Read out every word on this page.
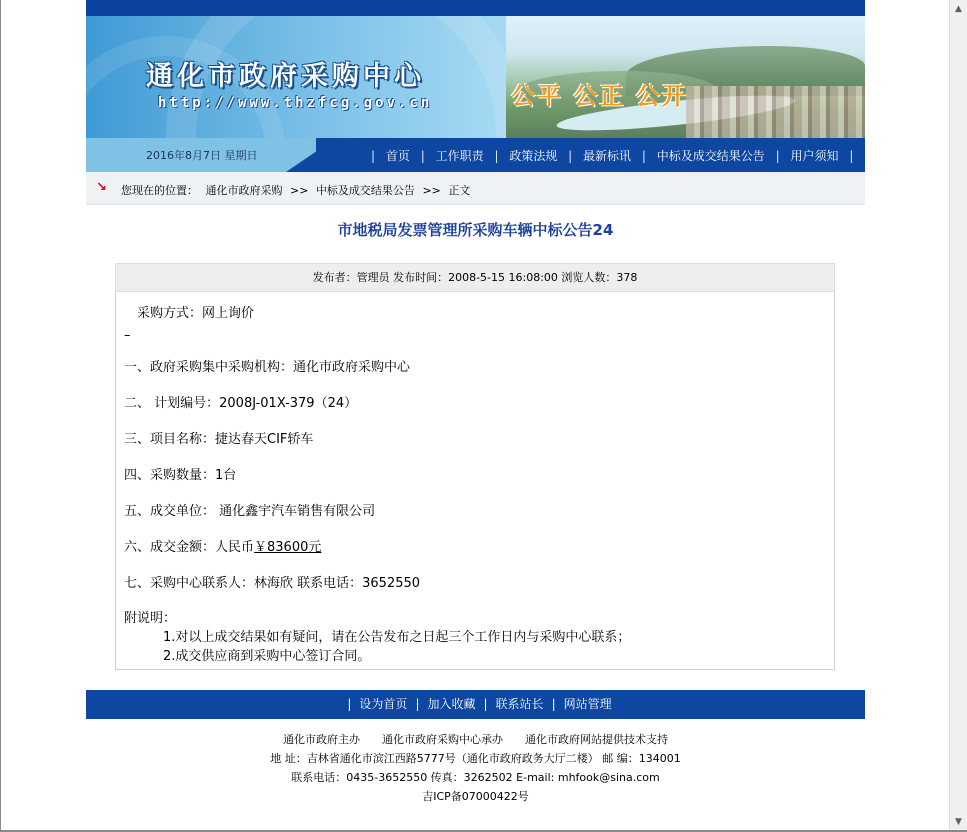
▲
▼
通化市政府采购中心
http://www.thzfcg.gov.cn	公平 公正 公开
2016年8月7日 星期日	| 首页 | 工作职责 | 政策法规 | 最新标讯 | 中标及成交结果公告 | 用户须知 |
↘ 您现在的位置： 通化市政府采购 >> 中标及成交结果公告 >> 正文
市地税局发票管理所采购车辆中标公告24
发布者：管理员 发布时间：2008-5-15 16:08:00 浏览人数：378
　采购方式：网上询价
–
一、政府采购集中采购机构：通化市政府采购中心
二、 计划编号：2008J-01X-379（24）
三、项目名称：捷达春天CIF轿车
四、采购数量：1台
五、成交单位： 通化鑫宇汽车销售有限公司
六、成交金额：人民币￥83600元
七、采购中心联系人：林海欣 联系电话：3652550
附说明：
1.对以上成交结果如有疑问，请在公告发布之日起三个工作日内与采购中心联系；
2.成交供应商到采购中心签订合同。
| 设为首页 | 加入收藏 | 联系站长 | 网站管理
通化市政府主办　　通化市政府采购中心承办　　通化市政府网站提供技术支持
地 址：吉林省通化市滨江西路5777号（通化市政府政务大厅二楼） 邮 编：134001
联系电话：0435-3652550 传真：3262502 E-mail: mhfook@sina.com
吉ICP备07000422号
